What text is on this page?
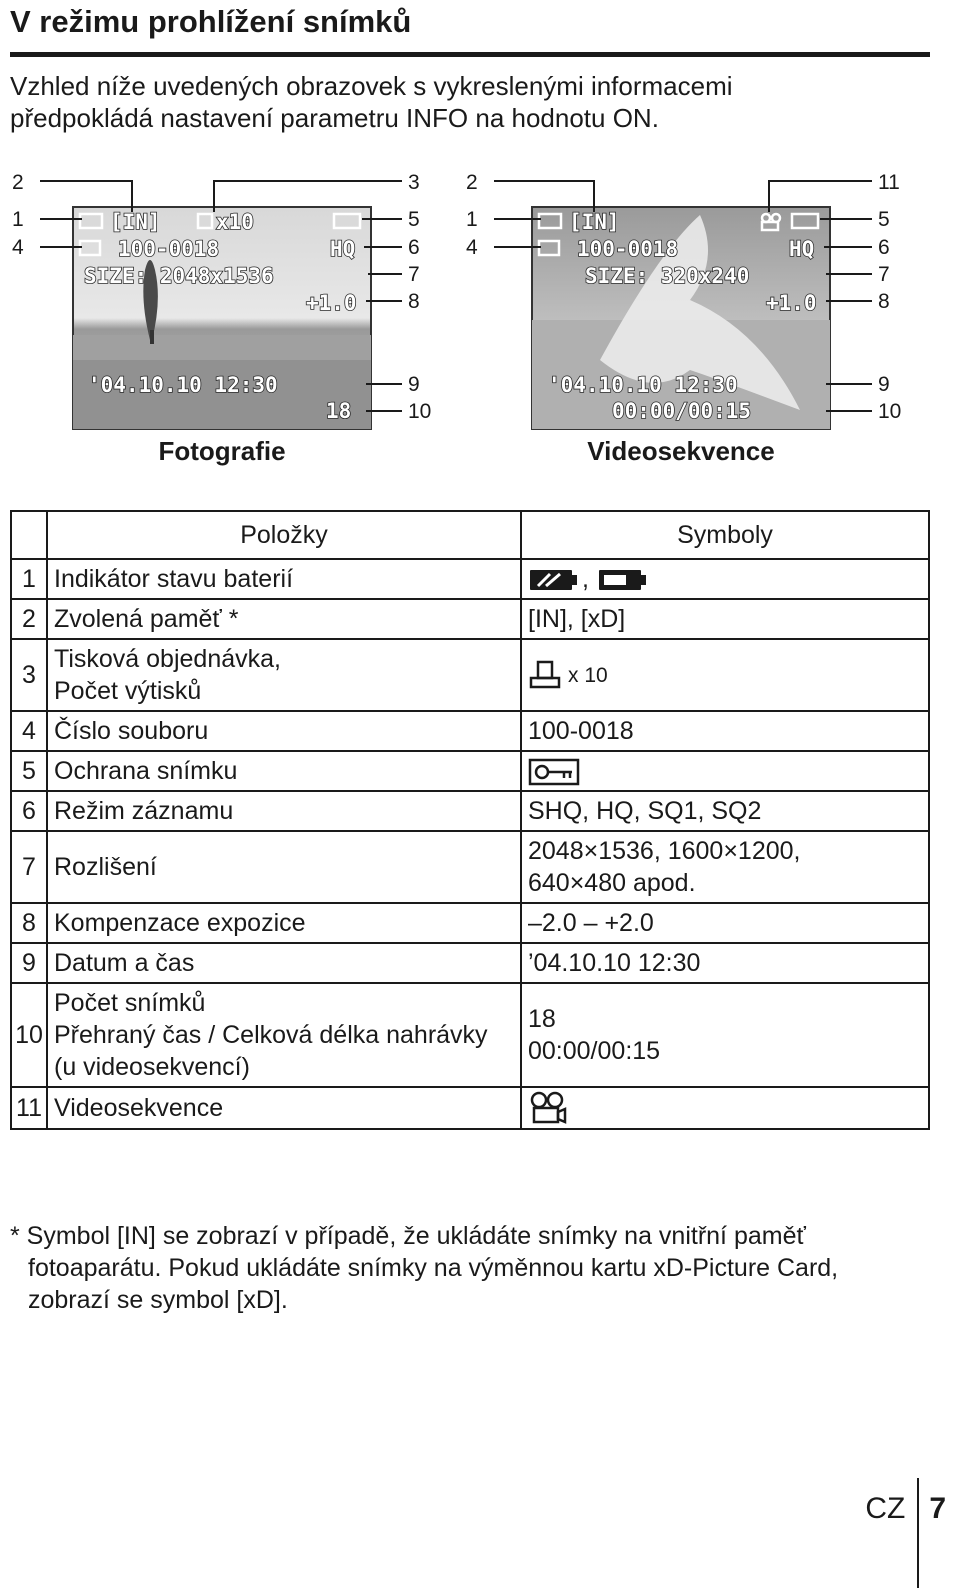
V režimu prohlížení snímků
Vzhled níže uvedených obrazovek s vykreslenými informacemi
předpokládá nastavení parametru INFO na hodnotu ON.
[IN]	x10
100-0018	HQ
SIZE: 2048x1536
+1.0
'04.10.10 12:30
18
2
1
4
3
5
6
7
8
9
10
[IN]
100-0018	HQ
SIZE: 320x240
+1.0
'04.10.10 12:30
00:00/00:15
2
1
4
11
5
6
7
8
9
10
Fotografie	Videosekvence
	Položky	Symboly
1	Indikátor stavu baterií	,

2	Zvolená paměť *	[IN], [xD]

3	Tisková objednávka,
Počet výtisků	x 10

4	Číslo souboru	100-0018

5	Ochrana snímku

6	Režim záznamu	SHQ, HQ, SQ1, SQ2

7	Rozlišení	2048×1536, 1600×1200,
640×480 apod.

8	Kompenzace expozice	–2.0 – +2.0

9	Datum a čas	’04.10.10 12:30

10	Počet snímků
Přehraný čas / Celková délka nahrávky
(u videosekvencí)	18
00:00/00:15

11	Videosekvence

* Symbol [IN] se zobrazí v případě, že ukládáte snímky na vnitřní paměť
fotoaparátu. Pokud ukládáte snímky na výměnnou kartu xD-Picture Card,
zobrazí se symbol [xD].
CZ 7
